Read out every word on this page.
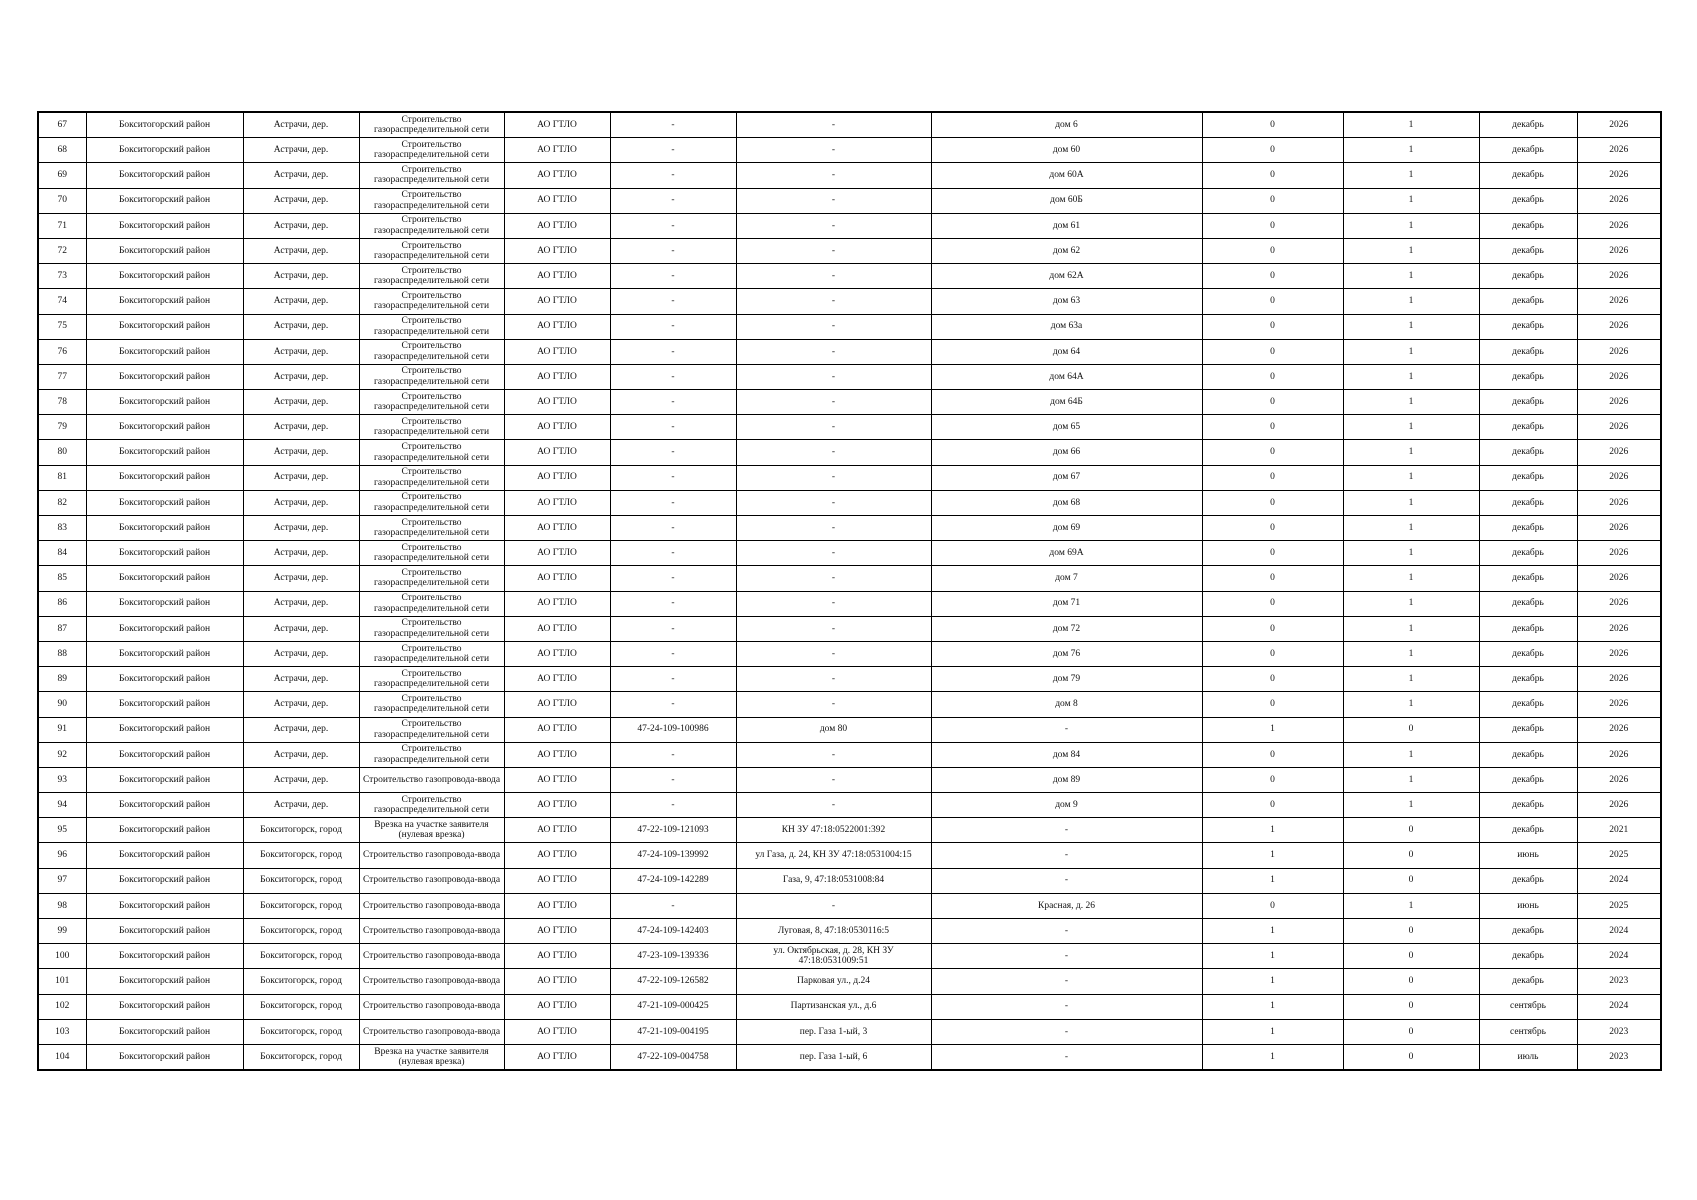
67	Бокситогорский район	Астрачи, дер.	Строительство газораспределительной сети	АО ГТЛО	-	-	дом 6	0	1	декабрь	2026
68	Бокситогорский район	Астрачи, дер.	Строительство газораспределительной сети	АО ГТЛО	-	-	дом 60	0	1	декабрь	2026
69	Бокситогорский район	Астрачи, дер.	Строительство газораспределительной сети	АО ГТЛО	-	-	дом 60А	0	1	декабрь	2026
70	Бокситогорский район	Астрачи, дер.	Строительство газораспределительной сети	АО ГТЛО	-	-	дом 60Б	0	1	декабрь	2026
71	Бокситогорский район	Астрачи, дер.	Строительство газораспределительной сети	АО ГТЛО	-	-	дом 61	0	1	декабрь	2026
72	Бокситогорский район	Астрачи, дер.	Строительство газораспределительной сети	АО ГТЛО	-	-	дом 62	0	1	декабрь	2026
73	Бокситогорский район	Астрачи, дер.	Строительство газораспределительной сети	АО ГТЛО	-	-	дом 62А	0	1	декабрь	2026
74	Бокситогорский район	Астрачи, дер.	Строительство газораспределительной сети	АО ГТЛО	-	-	дом 63	0	1	декабрь	2026
75	Бокситогорский район	Астрачи, дер.	Строительство газораспределительной сети	АО ГТЛО	-	-	дом 63а	0	1	декабрь	2026
76	Бокситогорский район	Астрачи, дер.	Строительство газораспределительной сети	АО ГТЛО	-	-	дом 64	0	1	декабрь	2026
77	Бокситогорский район	Астрачи, дер.	Строительство газораспределительной сети	АО ГТЛО	-	-	дом 64А	0	1	декабрь	2026
78	Бокситогорский район	Астрачи, дер.	Строительство газораспределительной сети	АО ГТЛО	-	-	дом 64Б	0	1	декабрь	2026
79	Бокситогорский район	Астрачи, дер.	Строительство газораспределительной сети	АО ГТЛО	-	-	дом 65	0	1	декабрь	2026
80	Бокситогорский район	Астрачи, дер.	Строительство газораспределительной сети	АО ГТЛО	-	-	дом 66	0	1	декабрь	2026
81	Бокситогорский район	Астрачи, дер.	Строительство газораспределительной сети	АО ГТЛО	-	-	дом 67	0	1	декабрь	2026
82	Бокситогорский район	Астрачи, дер.	Строительство газораспределительной сети	АО ГТЛО	-	-	дом 68	0	1	декабрь	2026
83	Бокситогорский район	Астрачи, дер.	Строительство газораспределительной сети	АО ГТЛО	-	-	дом 69	0	1	декабрь	2026
84	Бокситогорский район	Астрачи, дер.	Строительство газораспределительной сети	АО ГТЛО	-	-	дом 69А	0	1	декабрь	2026
85	Бокситогорский район	Астрачи, дер.	Строительство газораспределительной сети	АО ГТЛО	-	-	дом 7	0	1	декабрь	2026
86	Бокситогорский район	Астрачи, дер.	Строительство газораспределительной сети	АО ГТЛО	-	-	дом 71	0	1	декабрь	2026
87	Бокситогорский район	Астрачи, дер.	Строительство газораспределительной сети	АО ГТЛО	-	-	дом 72	0	1	декабрь	2026
88	Бокситогорский район	Астрачи, дер.	Строительство газораспределительной сети	АО ГТЛО	-	-	дом 76	0	1	декабрь	2026
89	Бокситогорский район	Астрачи, дер.	Строительство газораспределительной сети	АО ГТЛО	-	-	дом 79	0	1	декабрь	2026
90	Бокситогорский район	Астрачи, дер.	Строительство газораспределительной сети	АО ГТЛО	-	-	дом 8	0	1	декабрь	2026
91	Бокситогорский район	Астрачи, дер.	Строительство газораспределительной сети	АО ГТЛО	47-24-109-100986	дом 80	-	1	0	декабрь	2026
92	Бокситогорский район	Астрачи, дер.	Строительство газораспределительной сети	АО ГТЛО	-	-	дом 84	0	1	декабрь	2026
93	Бокситогорский район	Астрачи, дер.	Строительство газопровода-ввода	АО ГТЛО	-	-	дом 89	0	1	декабрь	2026
94	Бокситогорский район	Астрачи, дер.	Строительство газораспределительной сети	АО ГТЛО	-	-	дом 9	0	1	декабрь	2026
95	Бокситогорский район	Бокситогорск, город	Врезка на участке заявителя (нулевая врезка)	АО ГТЛО	47-22-109-121093	КН ЗУ 47:18:0522001:392	-	1	0	декабрь	2021
96	Бокситогорский район	Бокситогорск, город	Строительство газопровода-ввода	АО ГТЛО	47-24-109-139992	ул Газа, д. 24, КН ЗУ 47:18:0531004:15	-	1	0	июнь	2025
97	Бокситогорский район	Бокситогорск, город	Строительство газопровода-ввода	АО ГТЛО	47-24-109-142289	Газа, 9, 47:18:0531008:84	-	1	0	декабрь	2024
98	Бокситогорский район	Бокситогорск, город	Строительство газопровода-ввода	АО ГТЛО	-	-	Красная, д. 26	0	1	июнь	2025
99	Бокситогорский район	Бокситогорск, город	Строительство газопровода-ввода	АО ГТЛО	47-24-109-142403	Луговая, 8, 47:18:0530116:5	-	1	0	декабрь	2024
100	Бокситогорский район	Бокситогорск, город	Строительство газопровода-ввода	АО ГТЛО	47-23-109-139336	ул. Октябрьская, д. 28, КН ЗУ 47:18:0531009:51	-	1	0	декабрь	2024
101	Бокситогорский район	Бокситогорск, город	Строительство газопровода-ввода	АО ГТЛО	47-22-109-126582	Парковая ул., д.24	-	1	0	декабрь	2023
102	Бокситогорский район	Бокситогорск, город	Строительство газопровода-ввода	АО ГТЛО	47-21-109-000425	Партизанская ул., д.6	-	1	0	сентябрь	2024
103	Бокситогорский район	Бокситогорск, город	Строительство газопровода-ввода	АО ГТЛО	47-21-109-004195	пер. Газа 1-ый, 3	-	1	0	сентябрь	2023
104	Бокситогорский район	Бокситогорск, город	Врезка на участке заявителя (нулевая врезка)	АО ГТЛО	47-22-109-004758	пер. Газа 1-ый, 6	-	1	0	июль	2023
